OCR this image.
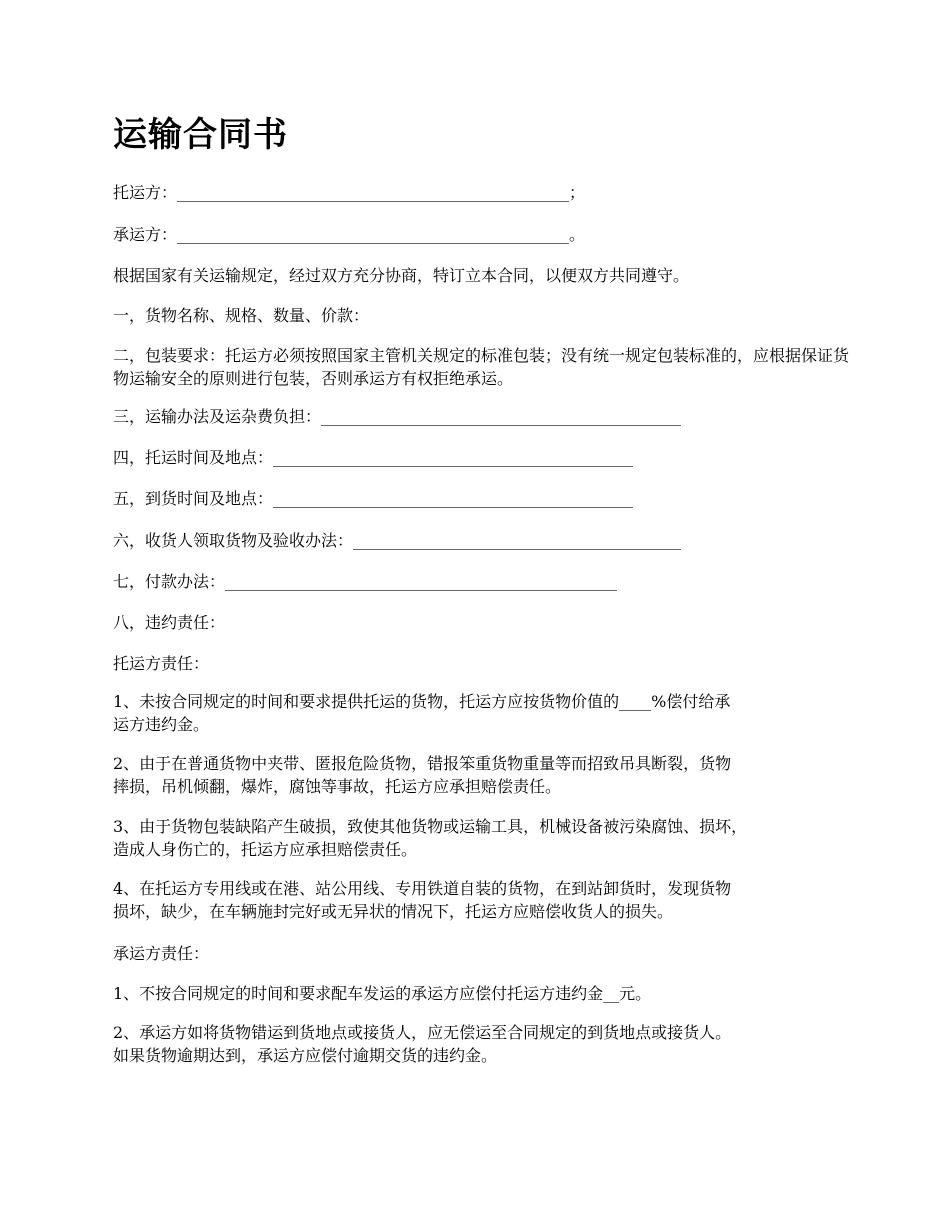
运输合同书
托运方：_________________________________________________；
承运方：_________________________________________________。
根据国家有关运输规定，经过双方充分协商，特订立本合同，以便双方共同遵守。
一，货物名称、规格、数量、价款：
二，包装要求：托运方必须按照国家主管机关规定的标准包装；没有统一规定包装标准的，应根据保证货物运输安全的原则进行包装，否则承运方有权拒绝承运。
三，运输办法及运杂费负担：_____________________________________________
四，托运时间及地点：_____________________________________________
五，到货时间及地点：_____________________________________________
六，收货人领取货物及验收办法：_________________________________________
七，付款办法：_________________________________________________
八，违约责任：
托运方责任：
1、未按合同规定的时间和要求提供托运的货物，托运方应按货物价值的____%偿付给承
运方违约金。
2、由于在普通货物中夹带、匿报危险货物，错报笨重货物重量等而招致吊具断裂，货物
摔损，吊机倾翻，爆炸，腐蚀等事故，托运方应承担赔偿责任。
3、由于货物包装缺陷产生破损，致使其他货物或运输工具，机械设备被污染腐蚀、损坏，
造成人身伤亡的，托运方应承担赔偿责任。
4、在托运方专用线或在港、站公用线、专用铁道自装的货物，在到站卸货时，发现货物
损坏，缺少，在车辆施封完好或无异状的情况下，托运方应赔偿收货人的损失。
承运方责任：
1、不按合同规定的时间和要求配车发运的承运方应偿付托运方违约金__元。
2、承运方如将货物错运到货地点或接货人，应无偿运至合同规定的到货地点或接货人。
如果货物逾期达到，承运方应偿付逾期交货的违约金。
